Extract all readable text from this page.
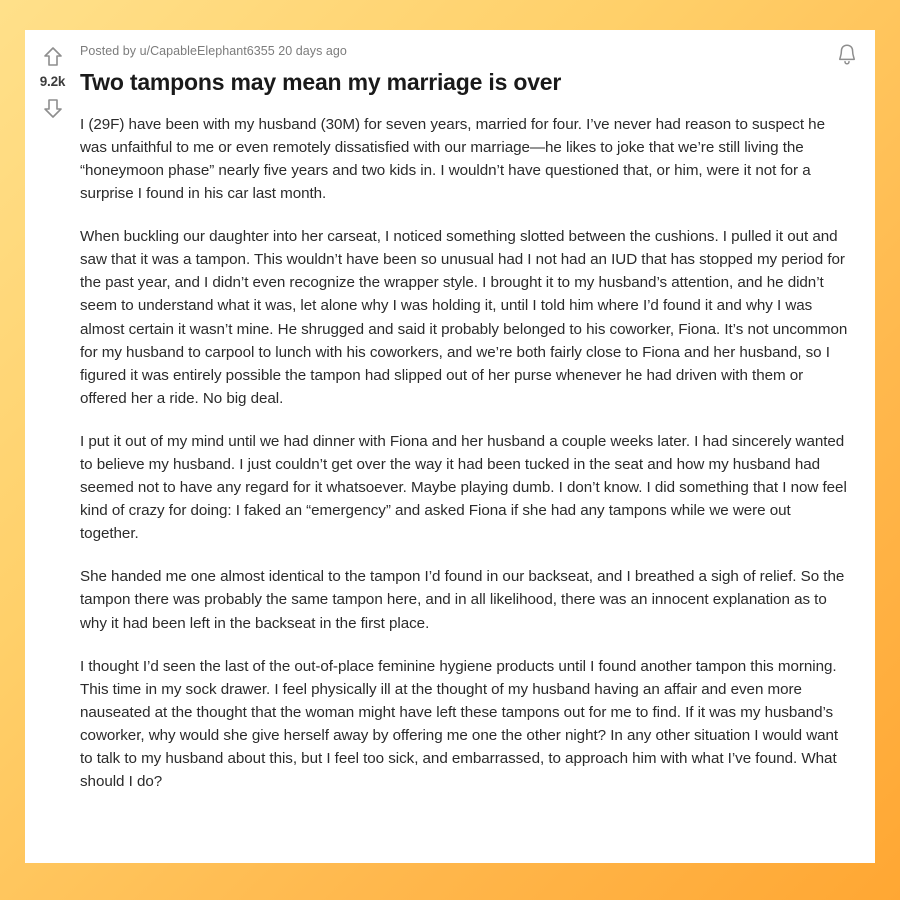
9.2k
Posted by u/CapableElephant6355 20 days ago
Two tampons may mean my marriage is over

I (29F) have been with my husband (30M) for seven years, married for four. I’ve never had reason to suspect he was unfaithful to me or even remotely dissatisfied with our marriage—he likes to joke that we’re still living the “honeymoon phase” nearly five years and two kids in. I wouldn’t have questioned that, or him, were it not for a surprise I found in his car last month.

When buckling our daughter into her carseat, I noticed something slotted between the cushions. I pulled it out and saw that it was a tampon. This wouldn’t have been so unusual had I not had an IUD that has stopped my period for the past year, and I didn’t even recognize the wrapper style. I brought it to my husband’s attention, and he didn’t seem to understand what it was, let alone why I was holding it, until I told him where I’d found it and why I was almost certain it wasn’t mine. He shrugged and said it probably belonged to his coworker, Fiona. It’s not uncommon for my husband to carpool to lunch with his coworkers, and we’re both fairly close to Fiona and her husband, so I figured it was entirely possible the tampon had slipped out of her purse whenever he had driven with them or offered her a ride. No big deal.

I put it out of my mind until we had dinner with Fiona and her husband a couple weeks later. I had sincerely wanted to believe my husband. I just couldn’t get over the way it had been tucked in the seat and how my husband had seemed not to have any regard for it whatsoever. Maybe playing dumb. I don’t know. I did something that I now feel kind of crazy for doing: I faked an “emergency” and asked Fiona if she had any tampons while we were out together.

She handed me one almost identical to the tampon I’d found in our backseat, and I breathed a sigh of relief. So the tampon there was probably the same tampon here, and in all likelihood, there was an innocent explanation as to why it had been left in the backseat in the first place.

I thought I’d seen the last of the out-of-place feminine hygiene products until I found another tampon this morning. This time in my sock drawer. I feel physically ill at the thought of my husband having an affair and even more nauseated at the thought that the woman might have left these tampons out for me to find. If it was my husband’s coworker, why would she give herself away by offering me one the other night? In any other situation I would want to talk to my husband about this, but I feel too sick, and embarrassed, to approach him with what I’ve found. What should I do?
